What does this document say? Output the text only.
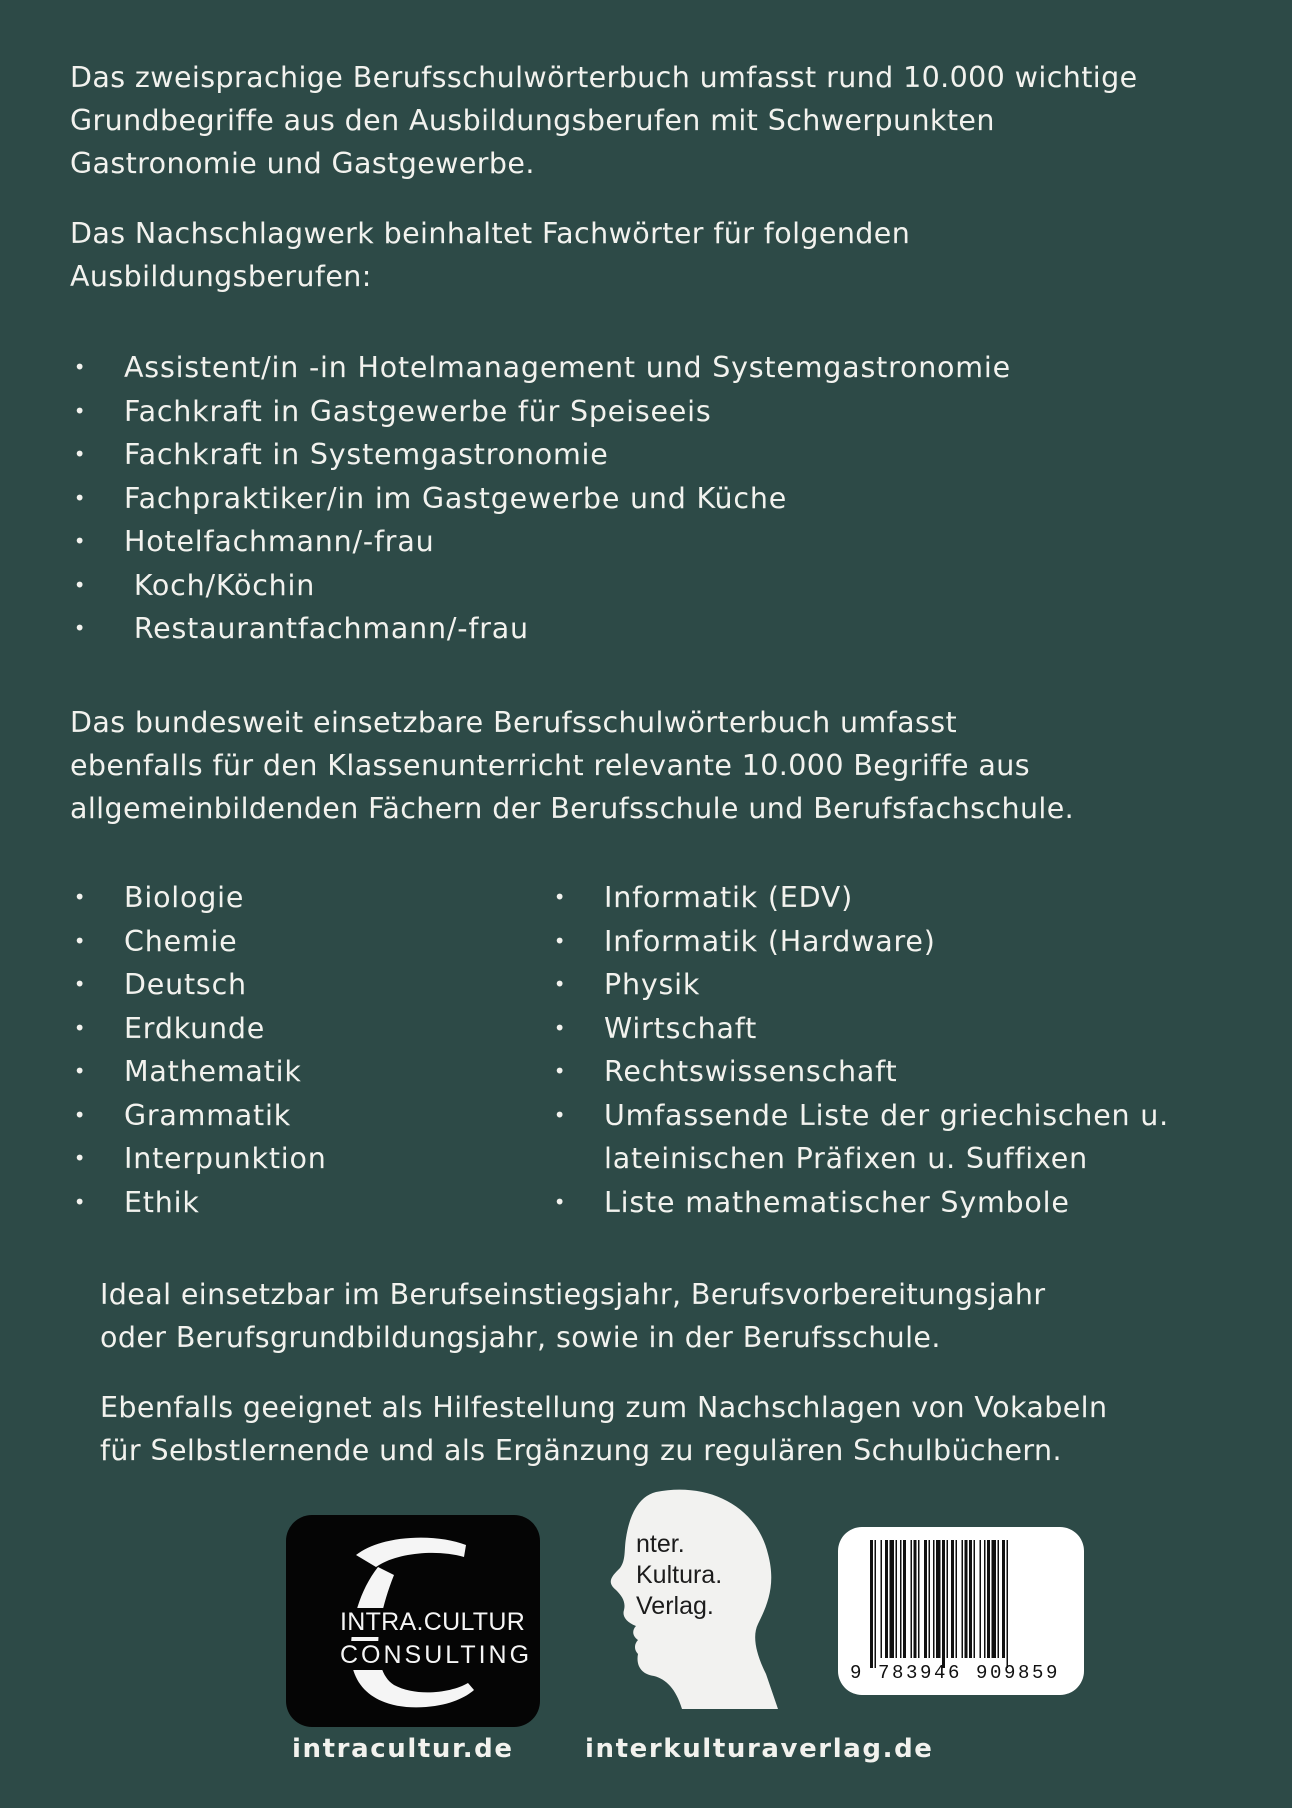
Das zweisprachige Berufsschulwörterbuch umfasst rund 10.000 wichtige
Grundbegriffe aus den Ausbildungsberufen mit Schwerpunkten
Gastronomie und Gastgewerbe.

Das Nachschlagwerk beinhaltet Fachwörter für folgenden
Ausbildungsberufen:

• Assistent/in -in Hotelmanagement und Systemgastronomie
• Fachkraft in Gastgewerbe für Speiseeis
• Fachkraft in Systemgastronomie
• Fachpraktiker/in im Gastgewerbe und Küche
• Hotelfachmann/-frau
• Koch/Köchin
• Restaurantfachmann/-frau

Das bundesweit einsetzbare Berufsschulwörterbuch umfasst
ebenfalls für den Klassenunterricht relevante 10.000 Begriffe aus
allgemeinbildenden Fächern der Berufsschule und Berufsfachschule.

• Biologie
• Chemie
• Deutsch
• Erdkunde
• Mathematik
• Grammatik
• Interpunktion
• Ethik
• Informatik (EDV)
• Informatik (Hardware)
• Physik
• Wirtschaft
• Rechtswissenschaft
• Umfassende Liste der griechischen u.
lateinischen Präfixen u. Suffixen
• Liste mathematischer Symbole

Ideal einsetzbar im Berufseinstiegsjahr, Berufsvorbereitungsjahr
oder Berufsgrundbildungsjahr, sowie in der Berufsschule.

Ebenfalls geeignet als Hilfestellung zum Nachschlagen von Vokabeln
für Selbstlernende und als Ergänzung zu regulären Schulbüchern.

INTRA.CULTUR
CONSULTING
nter.
Kultura.
Verlag.
9 783946 909859
intracultur.de	interkulturaverlag.de
